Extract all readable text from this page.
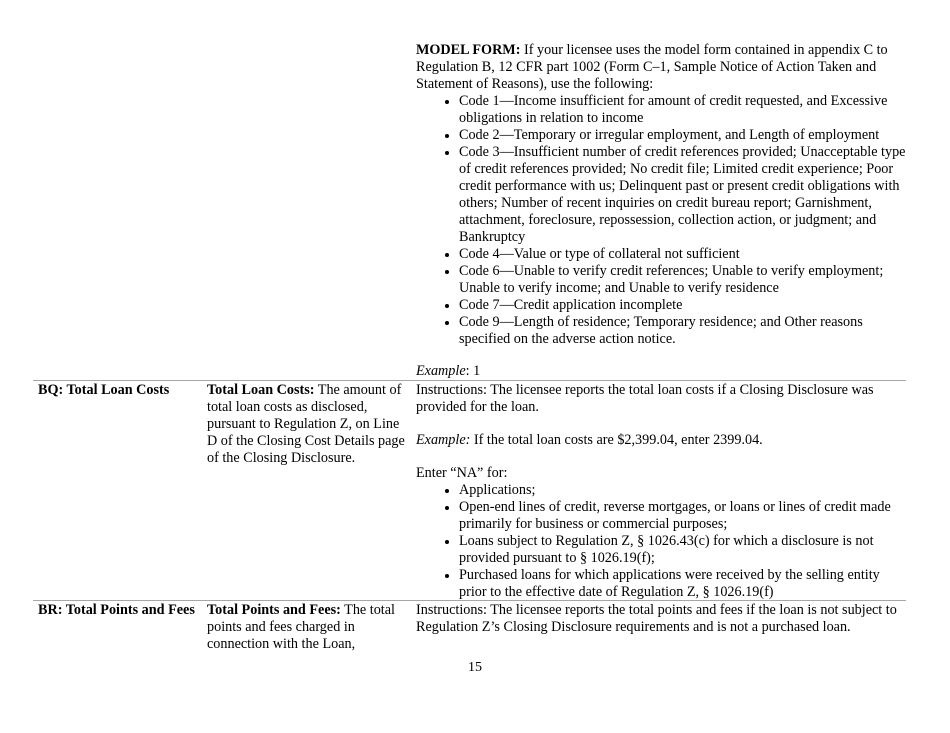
MODEL FORM: If your licensee uses the model form contained in appendix C to Regulation B, 12 CFR part 1002 (Form C–1, Sample Notice of Action Taken and Statement of Reasons), use the following:

• Code 1—Income insufficient for amount of credit requested, and Excessive obligations in relation to income
• Code 2—Temporary or irregular employment, and Length of employment
• Code 3—Insufficient number of credit references provided; Unacceptable type of credit references provided; No credit file; Limited credit experience; Poor credit performance with us; Delinquent past or present credit obligations with others; Number of recent inquiries on credit bureau report; Garnishment, attachment, foreclosure, repossession, collection action, or judgment; and Bankruptcy
• Code 4—Value or type of collateral not sufficient
• Code 6—Unable to verify credit references; Unable to verify employment; Unable to verify income; and Unable to verify residence
• Code 7—Credit application incomplete
• Code 9—Length of residence; Temporary residence; and Other reasons specified on the adverse action notice.
Example: 1
BQ: Total Loan Costs	Total Loan Costs: The amount of total loan costs as disclosed, pursuant to Regulation Z, on Line D of the Closing Cost Details page of the Closing Disclosure.

Instructions: The licensee reports the total loan costs if a Closing Disclosure was provided for the loan.

Example: If the total loan costs are $2,399.04, enter 2399.04.

Enter “NA” for:

• Applications;
• Open-end lines of credit, reverse mortgages, or loans or lines of credit made primarily for business or commercial purposes;
• Loans subject to Regulation Z, § 1026.43(c) for which a disclosure is not provided pursuant to § 1026.19(f);
• Purchased loans for which applications were received by the selling entity prior to the effective date of Regulation Z, § 1026.19(f)
BR: Total Points and Fees Total Points and Fees: The total points and fees charged in connection with the Loan,

Instructions: The licensee reports the total points and fees if the loan is not subject to Regulation Z’s Closing Disclosure requirements and is not a purchased loan.

15
